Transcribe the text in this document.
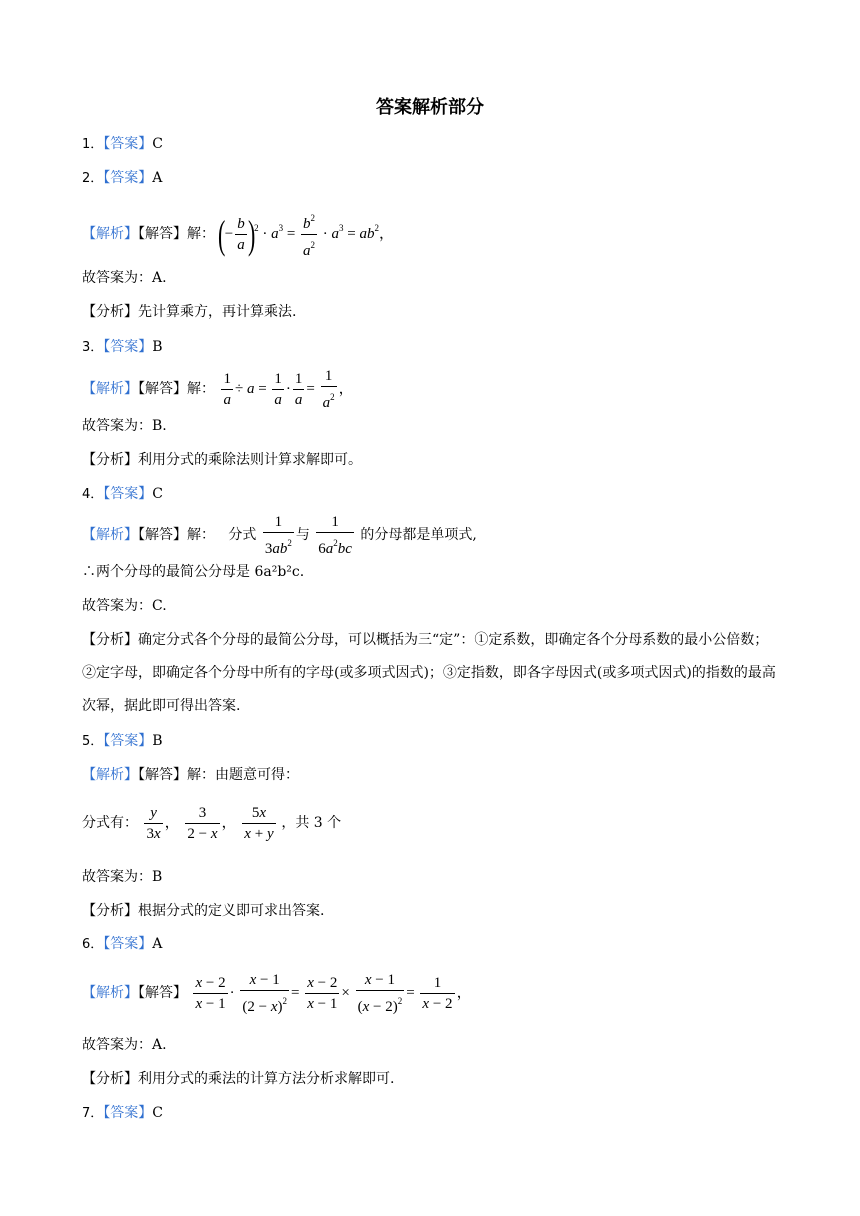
答案解析部分
1．【答案】C
2．【答案】A
【解析】【解答】解： (− $\frac{b}{a} )^2 \cdot a^3 = \frac{b^2}{a^2} \cdot a^3 = ab^2$，
故答案为：A.
【分析】先计算乘方，再计算乘法.
3．【答案】B
【解析】【解答】解： $\frac{1}{a} \div a = \frac{1}{a} \cdot \frac{1}{a} = \frac{1}{a^2}$ ，
故答案为：B.
【分析】利用分式的乘除法则计算求解即可。
4．【答案】C
【解析】【解答】解： 分式 $\frac{1}{3ab^2}$ 与 $\frac{1}{6a^2bc}$ 的分母都是单项式,
∴两个分母的最简公分母是 6a²b²c.
故答案为：C.
【分析】确定分式各个分母的最简公分母，可以概括为三“定”：①定系数，即确定各个分母系数的最小公倍数；②定字母，即确定各个分母中所有的字母(或多项式因式)；③定指数，即各字母因式(或多项式因式)的指数的最高次幂，据此即可得出答案.
5．【答案】B
【解析】【解答】解：由题意可得：
分式有： $\frac{y}{3x}$ ， $\frac{3}{2 - x}$ ， $\frac{5x}{x + y}$ ，共 3 个
故答案为：B
【分析】根据分式的定义即可求出答案.
6．【答案】A
【解析】【解答】 $\frac{x - 2}{x - 1} \cdot \frac{x - 1}{(2 - x)^2} = \frac{x - 2}{x - 1} \times \frac{x - 1}{(x - 2)^2} = \frac{1}{x - 2}$ ，
故答案为：A.
【分析】利用分式的乘法的计算方法分析求解即可.
7．【答案】C
